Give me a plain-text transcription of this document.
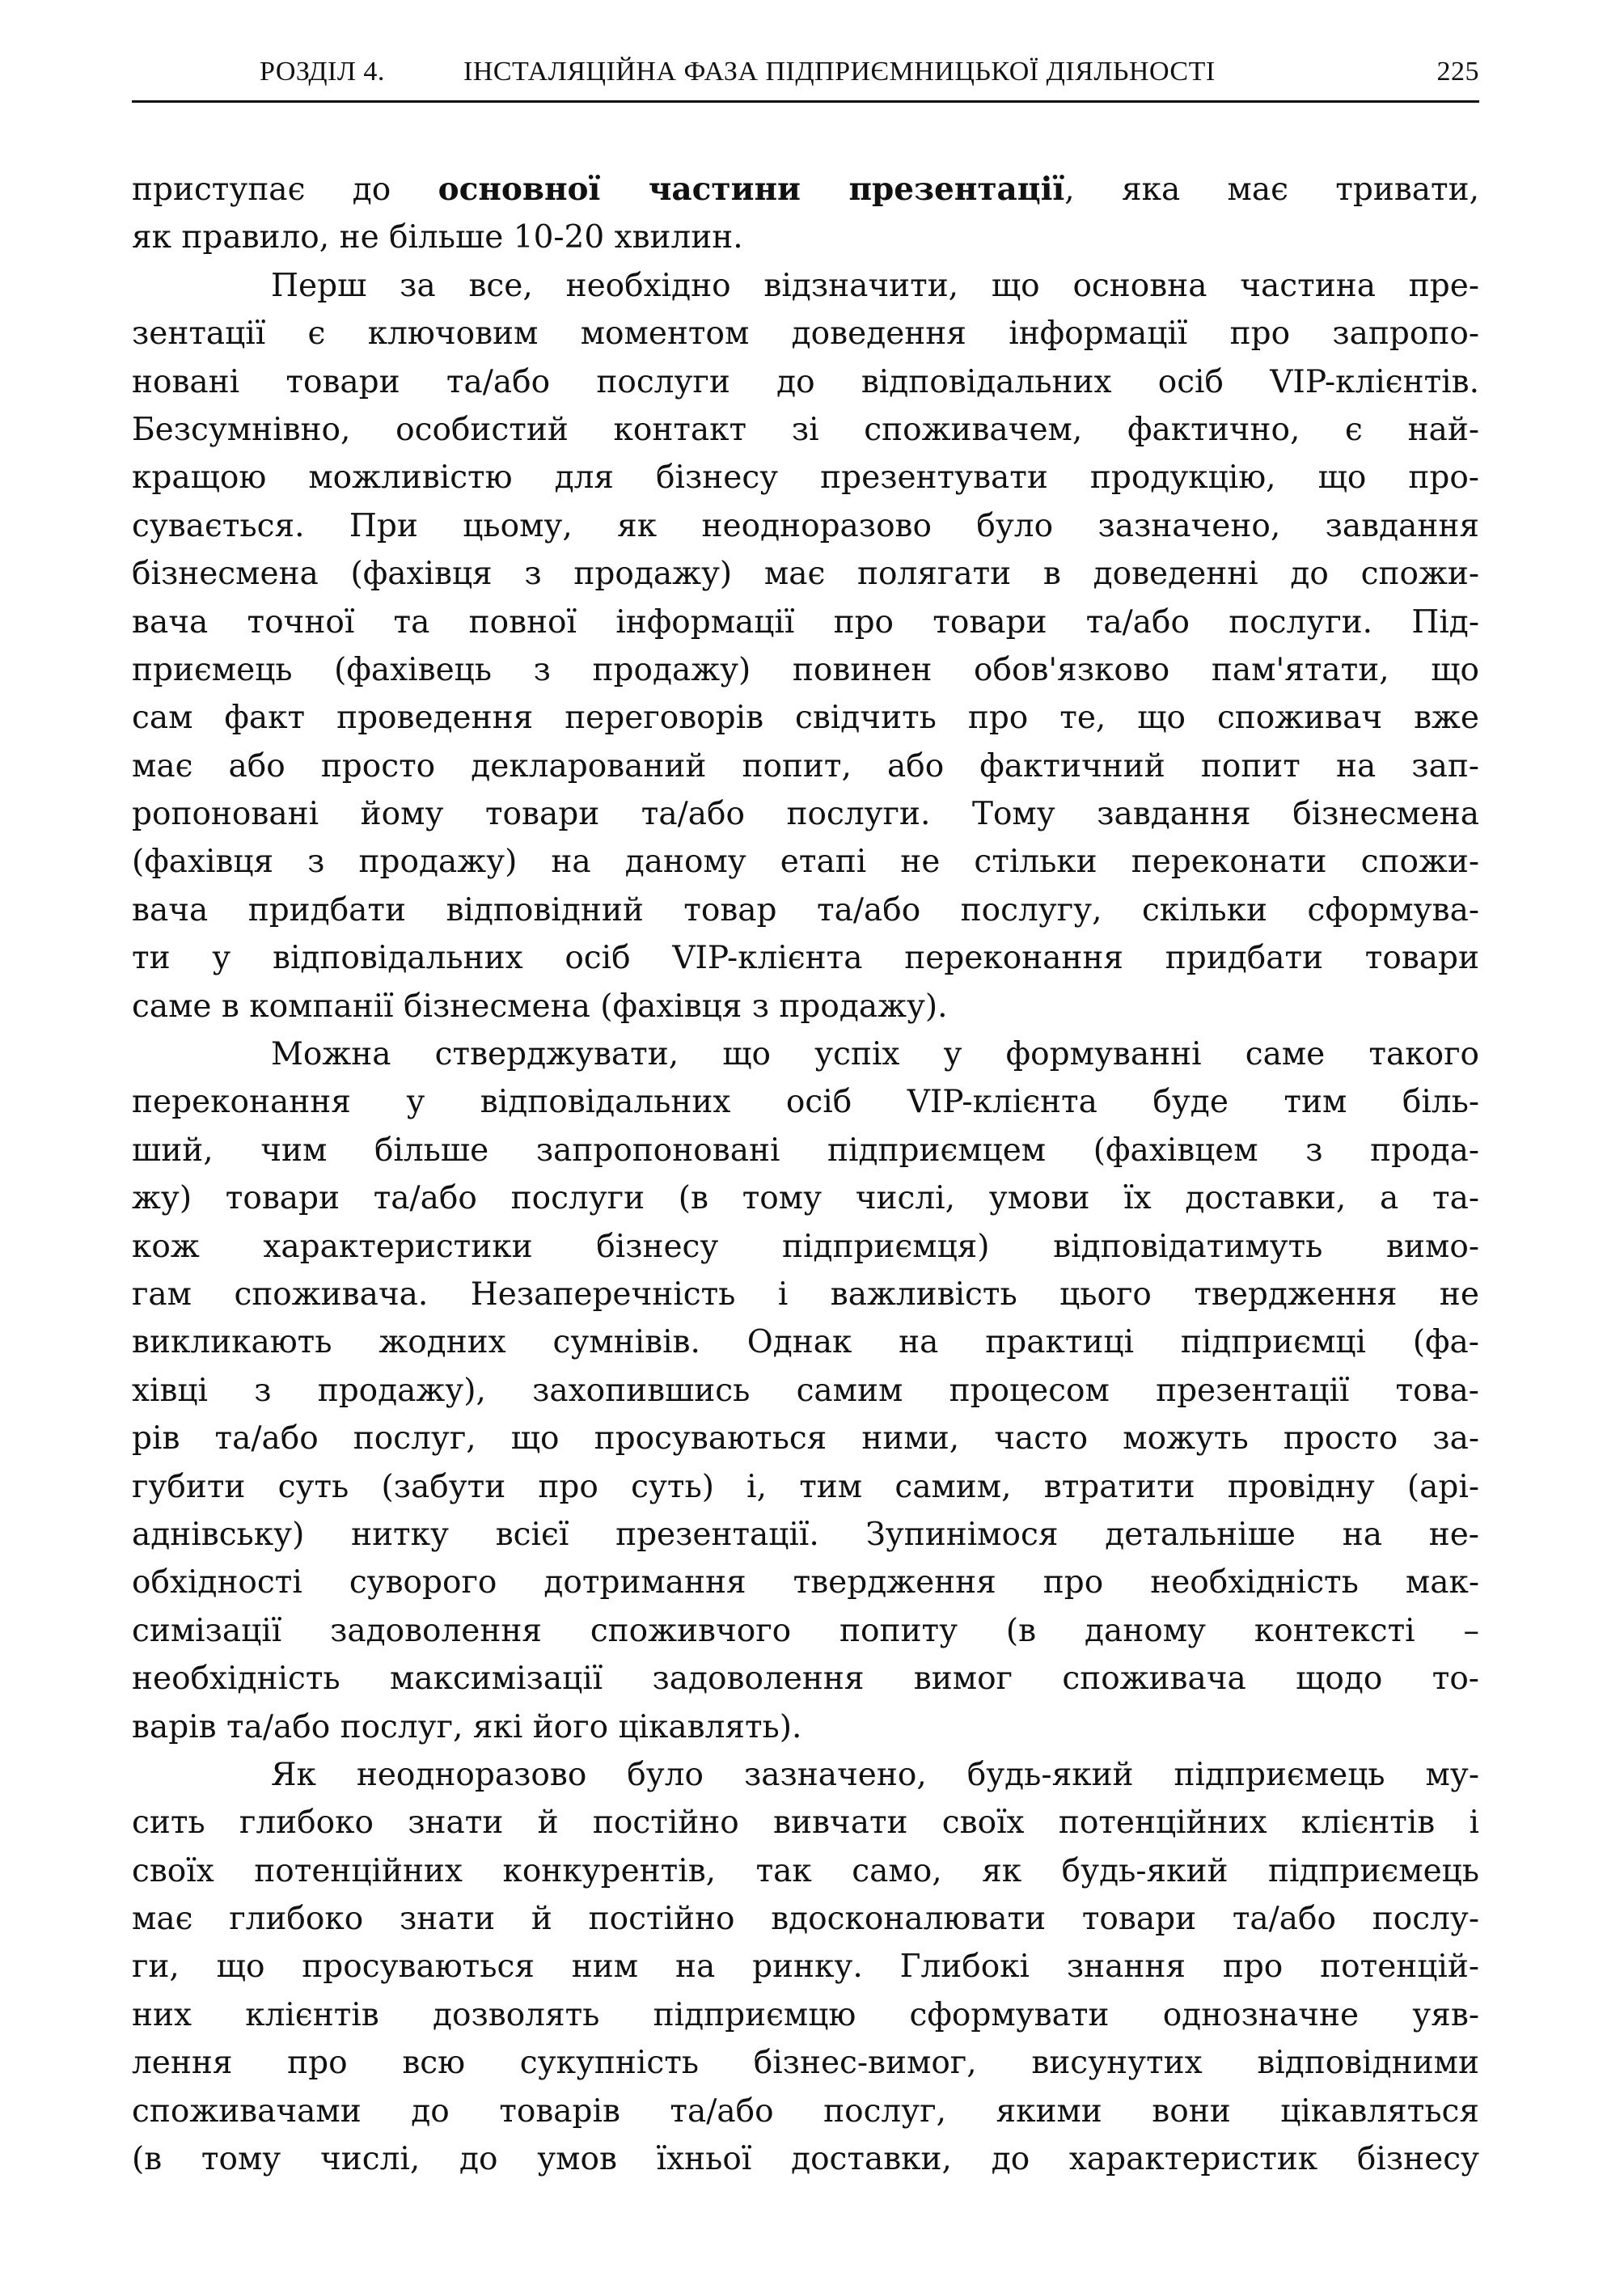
РОЗДІЛ 4.	ІНСТАЛЯЦІЙНА ФАЗА ПІДПРИЄМНИЦЬКОЇ ДІЯЛЬНОСТІ	225
приступає до основної частини презентації, яка має тривати,
як правило, не більше 10-20 хвилин.
Перш за все, необхідно відзначити, що основна частина пре-
зентації є ключовим моментом доведення інформації про запропо-
новані товари та/або послуги до відповідальних осіб VIP-клієнтів.
Безсумнівно, особистий контакт зі споживачем, фактично, є най-
кращою можливістю для бізнесу презентувати продукцію, що про-
сувається. При цьому, як неодноразово було зазначено, завдання
бізнесмена (фахівця з продажу) має полягати в доведенні до спожи-
вача точної та повної інформації про товари та/або послуги. Під-
приємець (фахівець з продажу) повинен обов'язково пам'ятати, що
сам факт проведення переговорів свідчить про те, що споживач вже
має або просто декларований попит, або фактичний попит на зап-
ропоновані йому товари та/або послуги. Тому завдання бізнесмена
(фахівця з продажу) на даному етапі не стільки переконати спожи-
вача придбати відповідний товар та/або послугу, скільки сформува-
ти у відповідальних осіб VIP-клієнта переконання придбати товари
саме в компанії бізнесмена (фахівця з продажу).
Можна стверджувати, що успіх у формуванні саме такого
переконання у відповідальних осіб VIP-клієнта буде тим біль-
ший, чим більше запропоновані підприємцем (фахівцем з прода-
жу) товари та/або послуги (в тому числі, умови їх доставки, а та-
кож характеристики бізнесу підприємця) відповідатимуть вимо-
гам споживача. Незаперечність і важливість цього твердження не
викликають жодних сумнівів. Однак на практиці підприємці (фа-
хівці з продажу), захопившись самим процесом презентації това-
рів та/або послуг, що просуваються ними, часто можуть просто за-
губити суть (забути про суть) і, тим самим, втратити провідну (арі-
аднівську) нитку всієї презентації. Зупинімося детальніше на не-
обхідності суворого дотримання твердження про необхідність мак-
симізації задоволення споживчого попиту (в даному контексті –
необхідність максимізації задоволення вимог споживача щодо то-
варів та/або послуг, які його цікавлять).
Як неодноразово було зазначено, будь-який підприємець му-
сить глибоко знати й постійно вивчати своїх потенційних клієнтів і
своїх потенційних конкурентів, так само, як будь-який підприємець
має глибоко знати й постійно вдосконалювати товари та/або послу-
ги, що просуваються ним на ринку. Глибокі знання про потенцій-
них клієнтів дозволять підприємцю сформувати однозначне уяв-
лення про всю сукупність бізнес-вимог, висунутих відповідними
споживачами до товарів та/або послуг, якими вони цікавляться
(в тому числі, до умов їхньої доставки, до характеристик бізнесу
